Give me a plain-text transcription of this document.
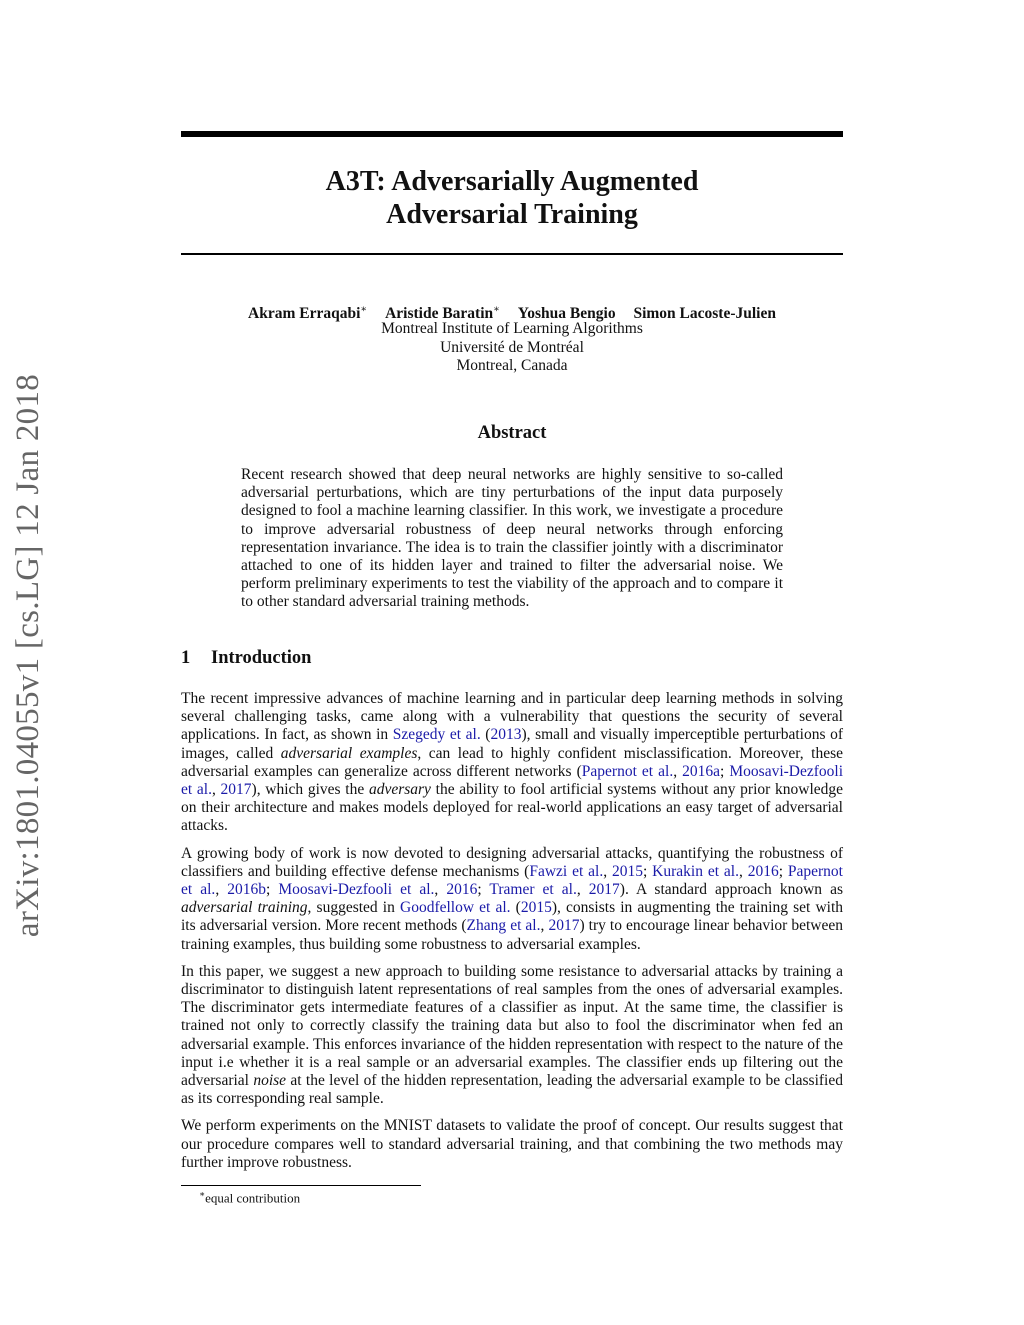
arXiv:1801.04055v1 [cs.LG] 12 Jan 2018
A3T: Adversarially Augmented
Adversarial Training
Akram Erraqabi∗ Aristide Baratin∗ Yoshua Bengio Simon Lacoste-Julien
Montreal Institute of Learning Algorithms
Université de Montréal
Montreal, Canada
Abstract
Recent research showed that deep neural networks are highly sensitive to so-called adversarial perturbations, which are tiny perturbations of the input data purposely designed to fool a machine learning classifier. In this work, we investigate a procedure to improve adversarial robustness of deep neural networks through enforcing representation invariance. The idea is to train the classifier jointly with a discriminator attached to one of its hidden layer and trained to filter the adversarial noise. We perform preliminary experiments to test the viability of the approach and to compare it to other standard adversarial training methods.
1 Introduction

The recent impressive advances of machine learning and in particular deep learning methods in solving several challenging tasks, came along with a vulnerability that questions the security of several applications. In fact, as shown in Szegedy et al. (2013), small and visually imperceptible perturbations of images, called adversarial examples, can lead to highly confident misclassification. Moreover, these adversarial examples can generalize across different networks (Papernot et al., 2016a; Moosavi-Dezfooli et al., 2017), which gives the adversary the ability to fool artificial systems without any prior knowledge on their architecture and makes models deployed for real-world applications an easy target of adversarial attacks.

A growing body of work is now devoted to designing adversarial attacks, quantifying the robustness of classifiers and building effective defense mechanisms (Fawzi et al., 2015; Kurakin et al., 2016; Papernot et al., 2016b; Moosavi-Dezfooli et al., 2016; Tramer et al., 2017). A standard approach known as adversarial training, suggested in Goodfellow et al. (2015), consists in augmenting the training set with its adversarial version. More recent methods (Zhang et al., 2017) try to encourage linear behavior between training examples, thus building some robustness to adversarial examples.

In this paper, we suggest a new approach to building some resistance to adversarial attacks by training a discriminator to distinguish latent representations of real samples from the ones of adversarial examples. The discriminator gets intermediate features of a classifier as input. At the same time, the classifier is trained not only to correctly classify the training data but also to fool the discriminator when fed an adversarial example. This enforces invariance of the hidden representation with respect to the nature of the input i.e whether it is a real sample or an adversarial examples. The classifier ends up filtering out the adversarial noise at the level of the hidden representation, leading the adversarial example to be classified as its corresponding real sample.

We perform experiments on the MNIST datasets to validate the proof of concept. Our results suggest that our procedure compares well to standard adversarial training, and that combining the two methods may further improve robustness.

∗equal contribution
